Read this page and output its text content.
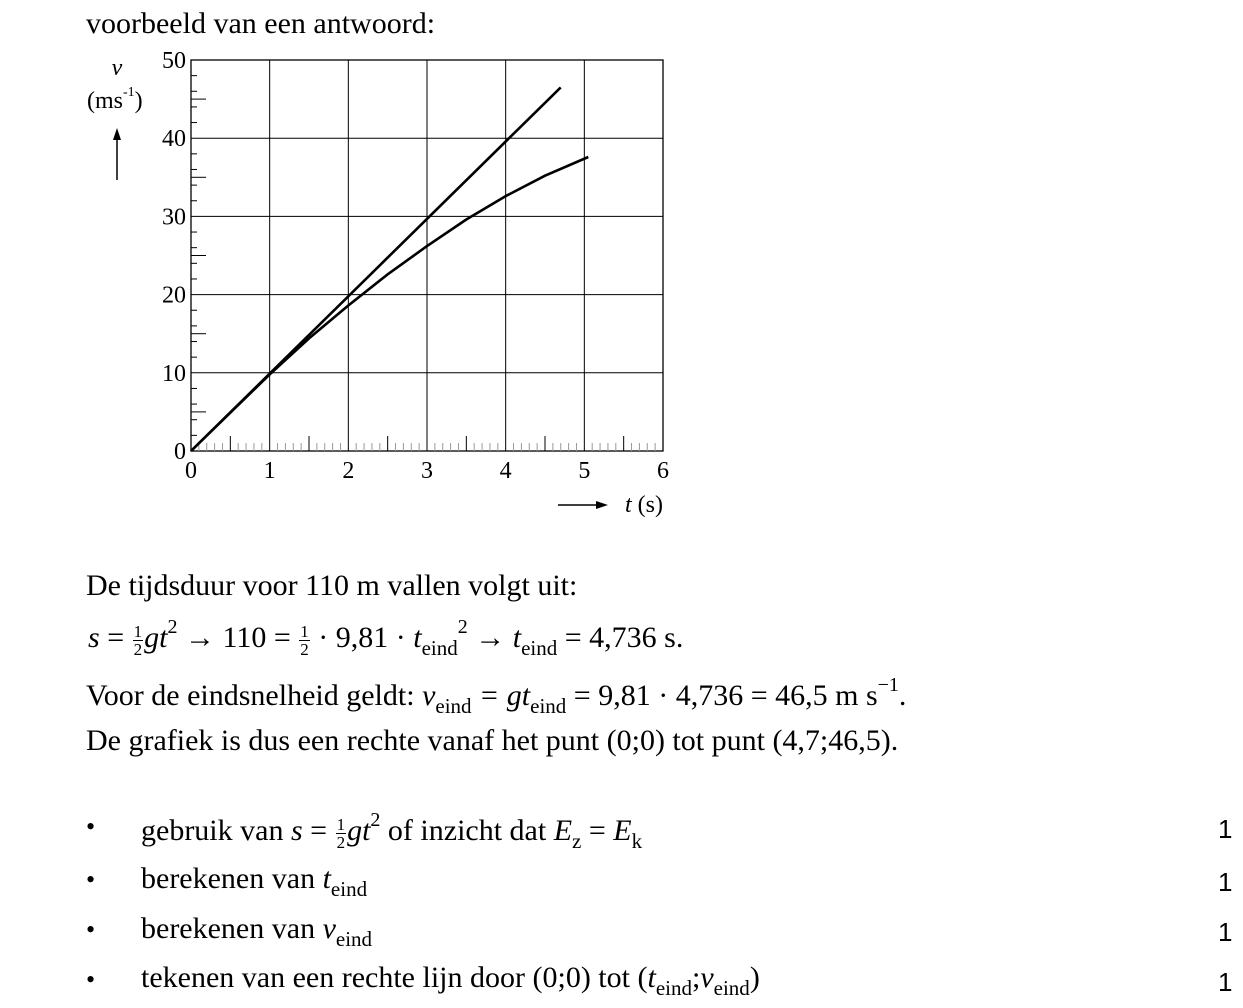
voorbeeld van een antwoord:
0	1	2	3	4	5	6
0
10
20
30
40
50
v
$(ms^{-1})$
t (s)
De tijdsduur voor 110 m vallen volgt uit:
$s = \frac{1}{2} gt^2 \to 110 = \frac{1}{2} \cdot 9,81 \cdot t_{eind}^2 \to t_{eind} = 4,736$ s.
Voor de eindsnelheid geldt: $v_{eind} = gt_{eind} = 9,81 \cdot 4,736 = 46,5$ m $s^{-1}$.
De grafiek is dus een rechte vanaf het punt (0;0) tot punt (4,7;46,5).
• gebruik van $s = \frac{1}{2} gt^2$ of inzicht dat $E_z = E_k$	1
• berekenen van $t_{eind}$	1
• berekenen van $v_{eind}$	1
• tekenen van een rechte lijn door (0;0) tot $(t_{eind};v_{eind})$	1
